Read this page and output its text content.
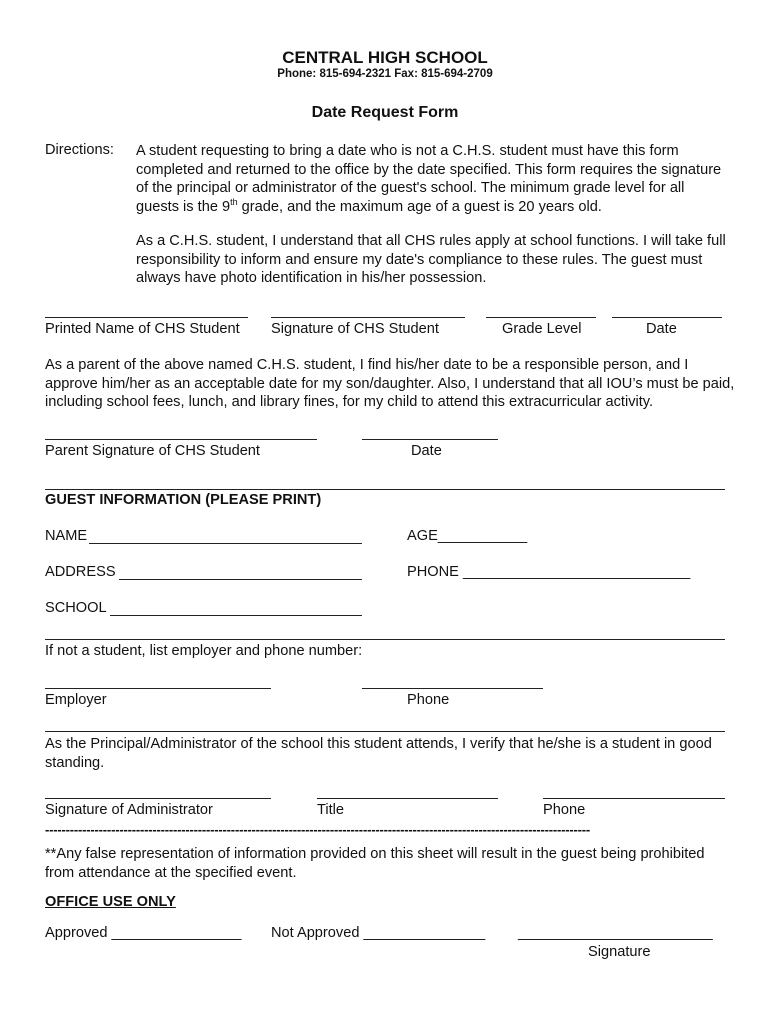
CENTRAL HIGH SCHOOL
Phone: 815-694-2321 Fax: 815-694-2709
Date Request Form
Directions: A student requesting to bring a date who is not a C.H.S. student must have this form completed and returned to the office by the date specified. This form requires the signature of the principal or administrator of the guest's school. The minimum grade level for all guests is the 9th grade, and the maximum age of a guest is 20 years old.
As a C.H.S. student, I understand that all CHS rules apply at school functions. I will take full responsibility to inform and ensure my date's compliance to these rules. The guest must always have photo identification in his/her possession.
Printed Name of CHS Student Signature of CHS Student	Grade Level	Date
As a parent of the above named C.H.S. student, I find his/her date to be a responsible person, and I approve him/her as an acceptable date for my son/daughter. Also, I understand that all IOU’s must be paid, including school fees, lunch, and library fines, for my child to attend this extracurricular activity.
Parent Signature of CHS Student	Date
GUEST INFORMATION (PLEASE PRINT)
NAME	AGE___________
ADDRESS	PHONE ____________________________
SCHOOL
If not a student, list employer and phone number:
Employer	Phone
As the Principal/Administrator of the school this student attends, I verify that he/she is a student in good standing.
Signature of Administrator	Title	Phone
------------------------------------------------------------------------------------------------------------------------------------
**Any false representation of information provided on this sheet will result in the guest being prohibited from attendance at the specified event.
OFFICE USE ONLY
Approved ________________ Not Approved _______________ ________________________
Signature
